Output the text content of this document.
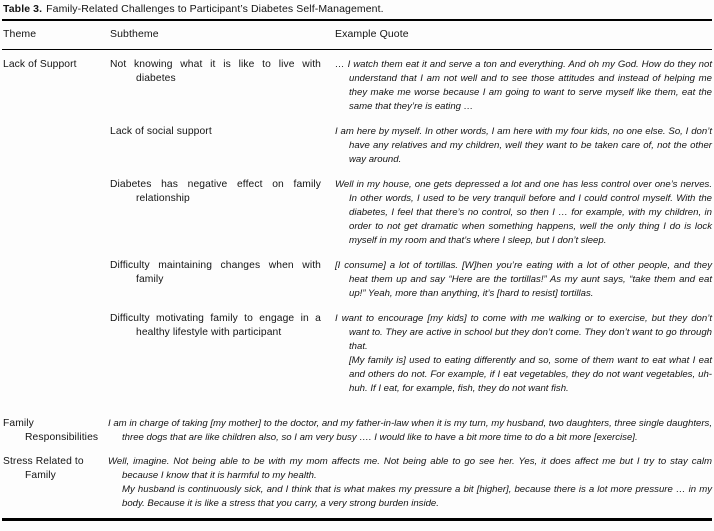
Table 3. Family-Related Challenges to Participant’s Diabetes Self-Management.
Theme	Subtheme	Example Quote

Lack of Support	Not knowing what it is like to live with diabetes	… I watch them eat it and serve a ton and everything. And oh my God. How do they not understand that I am not well and to see those attitudes and instead of helping me they make me worse because I am going to want to serve myself like them, eat the same that they’re is eating …

	Lack of social support	I am here by myself. In other words, I am here with my four kids, no one else. So, I don’t have any relatives and my children, well they want to be taken care of, not the other way around.

	Diabetes has negative effect on family relationship	Well in my house, one gets depressed a lot and one has less control over one’s nerves. In other words, I used to be very tranquil before and I could control myself. With the diabetes, I feel that there’s no control, so then I … for example, with my children, in order to not get dramatic when something happens, well the only thing I do is lock myself in my room and that’s where I sleep, but I don’t sleep.

	Difficulty maintaining changes when with family	[I consume] a lot of tortillas. [W]hen you’re eating with a lot of other people, and they heat them up and say “Here are the tortillas!” As my aunt says, “take them and eat up!” Yeah, more than anything, it’s [hard to resist] tortillas.

	Difficulty motivating family to engage in a healthy lifestyle with participant	I want to encourage [my kids] to come with me walking or to exercise, but they don’t want to. They are active in school but they don’t come. They don’t want to go through that.

[My family is] used to eating differently and so, some of them want to eat what I eat and others do not. For example, if I eat vegetables, they do not want vegetables, uh-huh. If I eat, for example, fish, they do not want fish.

Family Responsibilities	I am in charge of taking [my mother] to the doctor, and my father-in-law when it is my turn, my husband, two daughters, three single daughters, three dogs that are like children also, so I am very busy …. I would like to have a bit more time to do a bit more [exercise].	

Stress Related to Family	Well, imagine. Not being able to be with my mom affects me. Not being able to go see her. Yes, it does affect me but I try to stay calm because I know that it is harmful to my health.

My husband is continuously sick, and I think that is what makes my pressure a bit [higher], because there is a lot more pressure … in my body. Because it is like a stress that you carry, a very strong burden inside.	
